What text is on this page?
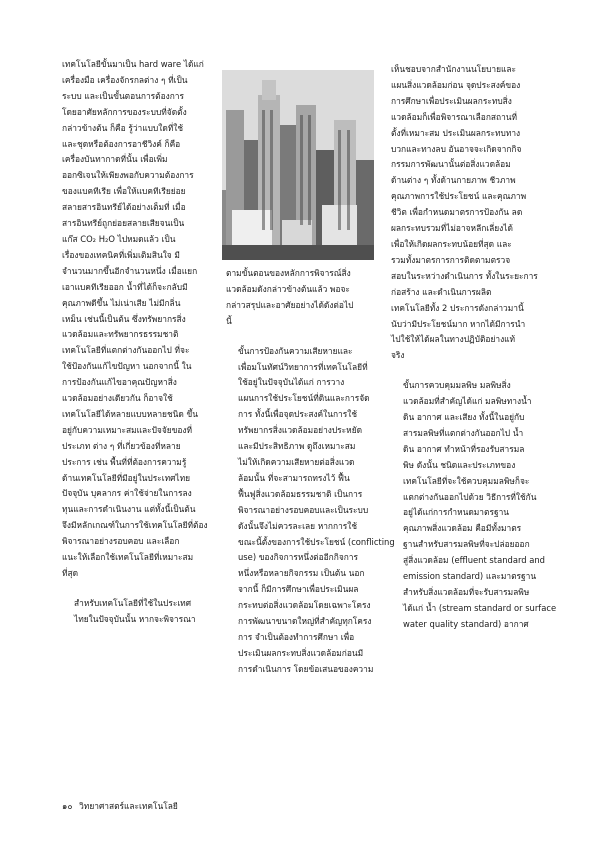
เทคโนโลยีขั้นมาเป็น hard ware ได้แก่
เครื่องมือ เครื่องจักรกลต่าง ๆ ที่เป็น
ระบบ และเป็นขั้นตอนการต้องการ
โดยอาศัยหลักการของระบบที่จัดตั้ง
กล่าวข้างต้น ก็คือ รู้ว่าแบบใดที่ใช้
และชุดหรือต้องการอาชีวิงค์ ก็คือ
เครื่องบันทากาดที่นั้น เพื่อเพิ่ม
ออกซิเจนให้เพียงพอกับความต้องการ
ของแบคทีเรีย เพื่อให้แบคทีเรียย่อย
สลายสารอินทรีย์ได้อย่างเต็มที่ เมื่อ
สารอินทรีย์ถูกย่อยสลายเสียจนเป็น
แก๊ส CO₂ H₂O ไปหมดแล้ว เป็น
เรื่องของเทคนิคที่เพิ่มเติมสินใจ มี
จำนวนมากขึ้นอีกจำนวนหนึ่ง เมื่อแยก
เอาแบคทีเรียออก น้ำที่ได้ก็จะกลับมี
คุณภาพดีขึ้น ไม่เน่าเสีย ไม่มีกลิ่น
เหม็น เช่นนี้เป็นต้น ซึ่งทรัพยากรสิ่ง
แวดล้อมและทรัพยากรธรรมชาติ
เทคโนโลยีที่แตกต่างกันออกไป ที่จะ
ใช้ป้องกันแก้ไขปัญหา นอกจากนี้ ใน
การป้องกันแก้ไขอาคุณปัญหาสิ่ง
แวดล้อมอย่างเดียวกัน ก็อาจใช้
เทคโนโลยีได้หลายแบบหลายชนิด ขึ้น
อยู่กับความเหมาะสมและปัจจัยของที่
ประเภท ต่าง ๆ ที่เกี่ยวข้องที่หลาย
ประการ เช่น พื้นที่ที่ต้องการความรู้
ด้านเทคโนโลยีที่มีอยู่ในประเทศไทย
ปัจจุบัน บุคลากร ค่าใช้จ่ายในการลง
ทุนและการดำเนินงาน แต่ทั้งนี้เป็นต้น
จึงมีหลักเกณฑ์ในการใช้เทคโนโลยีที่ต้อง
พิจารณาอย่างรอบคอบ และเลือก
แนะให้เลือกใช้เทคโนโลยีที่เหมาะสม
ที่สุด

สำหรับเทคโนโลยีที่ใช้ในประเทศ
ไทยในปัจจุบันนั้น หากจะพิจารณา

ตามขั้นตอนของหลักการพิจารณ์สิ่ง
แวดล้อมดังกล่าวข้างต้นแล้ว พอจะ
กล่าวสรุปและอาศัยอย่างได้ดังต่อไป
นี้

ขั้นการป้องกันความเสียหายและ
เพื่อมโนทัศน์วิทยาการที่เทคโนโลยีที่
ใช้อยู่ในปัจจุบันได้แก่ การวาง
แผนการใช้ประโยชน์ที่ดินและการจัด
การ ทั้งนี้เพื่อจุดประสงค์ในการใช้
ทรัพยากรสิ่งแวดล้อมอย่างประหยัด
และมีประสิทธิภาพ ดูถึงเหมาะสม
ไม่ให้เกิดความเสียหายต่อสิ่งแวด
ล้อมนั้น ที่จะสามารถทรงไว้ ฟื้น
ฟื้นฟูสิ่งแวดล้อมธรรมชาติ เป็นการ
พิจารณาอย่างรอบคอบและเป็นระบบ
ดังนั้นจึงไม่ควรละเลย หากการใช้
ขณะนี้ตั้งของการใช้ประโยชน์ (conflicting
use) ของกิจการหนึ่งต่ออีกกิจการ
หนึ่งหรือหลายกิจกรรม เป็นต้น นอก
จากนี้ ก็มีการศึกษาเพื่อประเมินผล
กระทบต่อสิ่งแวดล้อมโดยเฉพาะโครง
การพัฒนาขนาดใหญ่ที่สำคัญทุกโครง
การ จำเป็นต้องทำการศึกษา เพื่อ
ประเมินผลกระทบสิ่งแวดล้อมก่อนมี
การดำเนินการ โดยข้อเสนอของความ

เห็นชอบจากสำนักงานนโยบายและ
แผนสิ่งแวดล้อมก่อน จุดประสงค์ของ
การศึกษาเพื่อประเมินผลกระทบสิ่ง
แวดล้อมก็เพื่อพิจารณาเลือกสถานที่
ตั้งที่เหมาะสม ประเมินผลกระทบทาง
บวกและทางลบ อันอาจจะเกิดจากกิจ
กรรมการพัฒนานั้นต่อสิ่งแวดล้อม
ด้านต่าง ๆ ทั้งด้านกายภาพ ชีวภาพ
คุณภาพการใช้ประโยชน์ และคุณภาพ
ชีวิต เพื่อกำหนดมาตรการป้องกัน ลด
ผลกระทบรวมที่ไม่อาจหลีกเลี่ยงได้
เพื่อให้เกิดผลกระทบน้อยที่สุด และ
รวมทั้งมาตรการการติดตามตรวจ
สอบในระหว่างดำเนินการ ทั้งในระยะการ
ก่อสร้าง และดำเนินการผลิต
เทคโนโลยีทั้ง 2 ประการดังกล่าวมานี้
นับว่ามีประโยชน์มาก หากได้มีการนำ
ไปใช้ให้ได้ผลในทางปฏิบัติอย่างแท้
จริง

ขั้นการควบคุมมลพิษ มลพิษสิ่ง
แวดล้อมที่สำคัญได้แก่ มลพิษทางน้ำ
ดิน อากาศ และเสียง ทั้งนี้ในอยู่กับ
สารมลพิษที่แตกต่างกันออกไป น้ำ
ดิน อากาศ ทำหน้าที่รองรับสารมล
พิษ ดังนั้น ชนิดและประเภทของ
เทคโนโลยีที่จะใช้ควบคุมมลพิษก็จะ
แตกต่างกันออกไปด้วย วิธีการที่ใช้กัน
อยู่ได้แก่การกำหนดมาตรฐาน
คุณภาพสิ่งแวดล้อม คือมีทั้งมาตร
ฐานสำหรับสารมลพิษที่จะปล่อยออก
สู่สิ่งแวดล้อม (effluent standard and
emission standard) และมาตรฐาน
สำหรับสิ่งแวดล้อมที่จะรับสารมลพิษ
ได้แก่ น้ำ (stream standard or surface
water quality standard) อากาศ

๑๐ วิทยาศาสตร์และเทคโนโลยี
